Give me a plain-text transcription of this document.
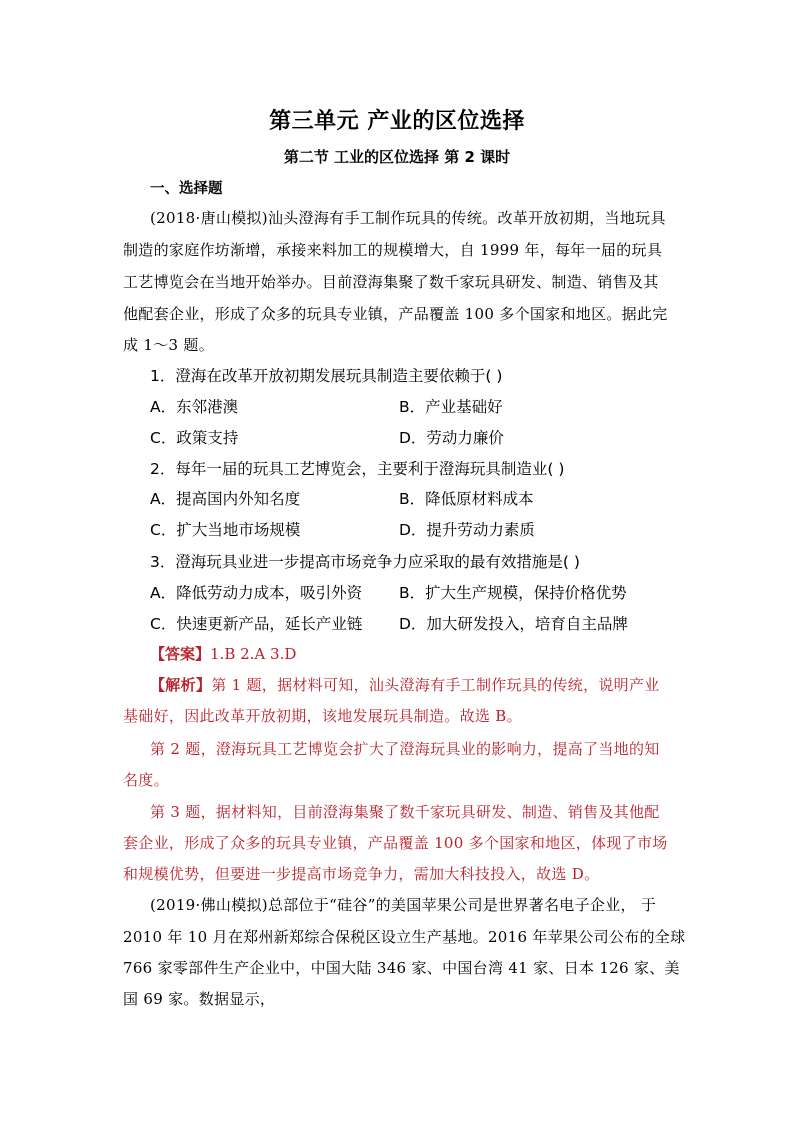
第三单元 产业的区位选择
第二节 工业的区位选择 第 2 课时
一、选择题
(2018·唐山模拟)汕头澄海有手工制作玩具的传统。改革开放初期，当地玩具
制造的家庭作坊渐增，承接来料加工的规模增大，自 1999 年，每年一届的玩具
工艺博览会在当地开始举办。目前澄海集聚了数千家玩具研发、制造、销售及其
他配套企业，形成了众多的玩具专业镇，产品覆盖 100 多个国家和地区。据此完
成 1～3 题。
1．澄海在改革开放初期发展玩具制造主要依赖于( )
A．东邻港澳	B．产业基础好
C．政策支持	D．劳动力廉价
2．每年一届的玩具工艺博览会，主要利于澄海玩具制造业( )
A．提高国内外知名度	B．降低原材料成本
C．扩大当地市场规模	D．提升劳动力素质
3．澄海玩具业进一步提高市场竞争力应采取的最有效措施是( )
A．降低劳动力成本，吸引外资 B．扩大生产规模，保持价格优势
C．快速更新产品，延长产业链 D．加大研发投入，培育自主品牌
【答案】1.B 2.A 3.D
【解析】第 1 题，据材料可知，汕头澄海有手工制作玩具的传统，说明产业
基础好，因此改革开放初期，该地发展玩具制造。故选 B。
第 2 题，澄海玩具工艺博览会扩大了澄海玩具业的影响力，提高了当地的知
名度。
第 3 题，据材料知，目前澄海集聚了数千家玩具研发、制造、销售及其他配
套企业，形成了众多的玩具专业镇，产品覆盖 100 多个国家和地区，体现了市场
和规模优势，但要进一步提高市场竞争力，需加大科技投入，故选 D。
(2019·佛山模拟)总部位于“硅谷”的美国苹果公司是世界著名电子企业， 于
2010 年 10 月在郑州新郑综合保税区设立生产基地。2016 年苹果公司公布的全球
766 家零部件生产企业中，中国大陆 346 家、中国台湾 41 家、日本 126 家、美
国 69 家。数据显示，
